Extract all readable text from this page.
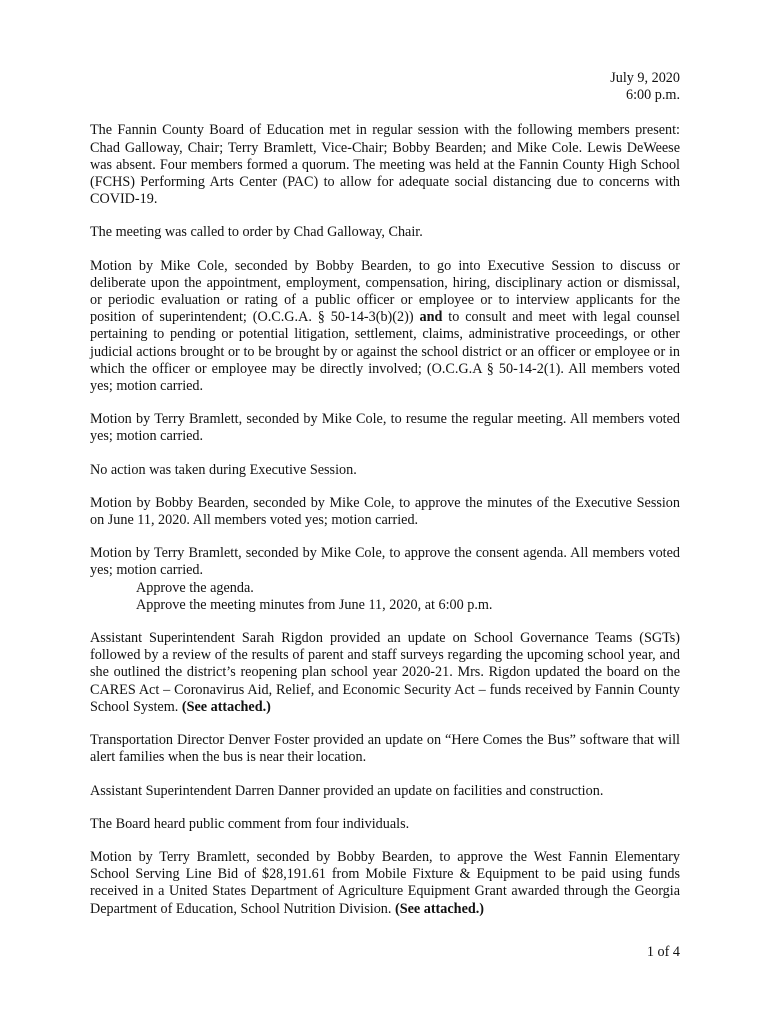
July 9, 2020
6:00 p.m.

The Fannin County Board of Education met in regular session with the following members present: Chad Galloway, Chair; Terry Bramlett, Vice-Chair; Bobby Bearden; and Mike Cole. Lewis DeWeese was absent. Four members formed a quorum. The meeting was held at the Fannin County High School (FCHS) Performing Arts Center (PAC) to allow for adequate social distancing due to concerns with COVID-19.

The meeting was called to order by Chad Galloway, Chair.

Motion by Mike Cole, seconded by Bobby Bearden, to go into Executive Session to discuss or deliberate upon the appointment, employment, compensation, hiring, disciplinary action or dismissal, or periodic evaluation or rating of a public officer or employee or to interview applicants for the position of superintendent; (O.C.G.A. § 50-14-3(b)(2)) and to consult and meet with legal counsel pertaining to pending or potential litigation, settlement, claims, administrative proceedings, or other judicial actions brought or to be brought by or against the school district or an officer or employee or in which the officer or employee may be directly involved; (O.C.G.A § 50-14-2(1). All members voted yes; motion carried.

Motion by Terry Bramlett, seconded by Mike Cole, to resume the regular meeting. All members voted yes; motion carried.

No action was taken during Executive Session.

Motion by Bobby Bearden, seconded by Mike Cole, to approve the minutes of the Executive Session on June 11, 2020. All members voted yes; motion carried.

Motion by Terry Bramlett, seconded by Mike Cole, to approve the consent agenda. All members voted yes; motion carried.
Approve the agenda.
Approve the meeting minutes from June 11, 2020, at 6:00 p.m.

Assistant Superintendent Sarah Rigdon provided an update on School Governance Teams (SGTs) followed by a review of the results of parent and staff surveys regarding the upcoming school year, and she outlined the district’s reopening plan school year 2020-21. Mrs. Rigdon updated the board on the CARES Act – Coronavirus Aid, Relief, and Economic Security Act – funds received by Fannin County School System. (See attached.)

Transportation Director Denver Foster provided an update on “Here Comes the Bus” software that will alert families when the bus is near their location.

Assistant Superintendent Darren Danner provided an update on facilities and construction.

The Board heard public comment from four individuals.

Motion by Terry Bramlett, seconded by Bobby Bearden, to approve the West Fannin Elementary School Serving Line Bid of $28,191.61 from Mobile Fixture & Equipment to be paid using funds received in a United States Department of Agriculture Equipment Grant awarded through the Georgia Department of Education, School Nutrition Division. (See attached.)

1 of 4
